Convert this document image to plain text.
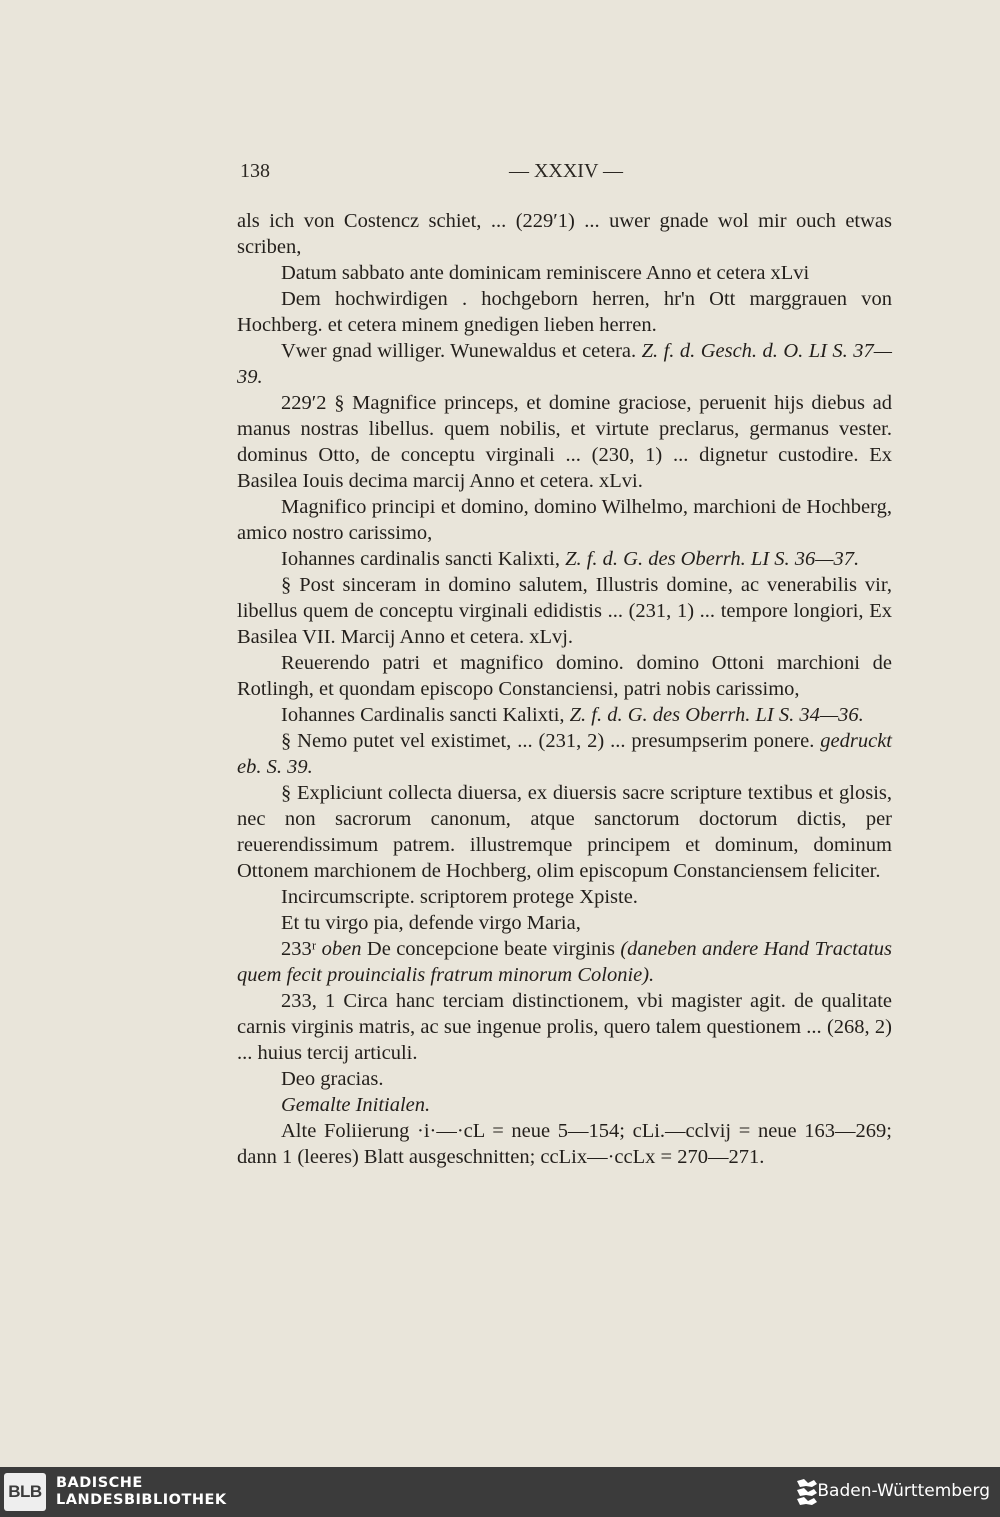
138	— XXXIV —

als ich von Costencz schiet, ... (229′1) ... uwer gnade wol mir ouch etwas scriben,

Datum sabbato ante dominicam reminiscere Anno et cetera xLvi

Dem hochwirdigen . hochgeborn herren, hr'n Ott marggrauen von Hochberg. et cetera minem gnedigen lieben herren.

Vwer gnad williger. Wunewaldus et cetera. Z. f. d. Gesch. d. O. LI S. 37—39.

229′2 § Magnifice princeps, et domine graciose, peruenit hijs diebus ad manus nostras libellus. quem nobilis, et virtute preclarus, germanus vester. dominus Otto, de conceptu virginali ... (230, 1) ... dignetur custodire. Ex Basilea Iouis decima marcij Anno et cetera. xLvi.

Magnifico principi et domino, domino Wilhelmo, marchioni de Hochberg, amico nostro carissimo,

Iohannes cardinalis sancti Kalixti, Z. f. d. G. des Oberrh. LI S. 36—37.

§ Post sinceram in domino salutem, Illustris domine, ac venerabilis vir, libellus quem de conceptu virginali edidistis ... (231, 1) ... tempore longiori, Ex Basilea VII. Marcij Anno et cetera. xLvj.

Reuerendo patri et magnifico domino. domino Ottoni marchioni de Rotlingh, et quondam episcopo Constanciensi, patri nobis carissimo,

Iohannes Cardinalis sancti Kalixti, Z. f. d. G. des Oberrh. LI S. 34—36.

§ Nemo putet vel existimet, ... (231, 2) ... presumpserim ponere. gedruckt eb. S. 39.

§ Expliciunt collecta diuersa, ex diuersis sacre scripture textibus et glosis, nec non sacrorum canonum, atque sanctorum doctorum dictis, per reuerendissimum patrem. illustremque principem et dominum, dominum Ottonem marchionem de Hochberg, olim episcopum Constanciensem feliciter.

Incircumscripte. scriptorem protege Xpiste.

Et tu virgo pia, defende virgo Maria,

233ʳ oben De concepcione beate virginis (daneben andere Hand Tractatus quem fecit prouincialis fratrum minorum Colonie).

233, 1 Circa hanc terciam distinctionem, vbi magister agit. de qualitate carnis virginis matris, ac sue ingenue prolis, quero talem questionem ... (268, 2) ... huius tercij articuli.

Deo gracias.

Gemalte Initialen.

Alte Foliierung ·i·—·cL = neue 5—154; cLi.—cclvij = neue 163—269; dann 1 (leeres) Blatt ausgeschnitten; ccLix—·ccLx = 270—271.

BLB BADISCHE
LANDESBIBLIOTHEK	Baden-Württemberg
